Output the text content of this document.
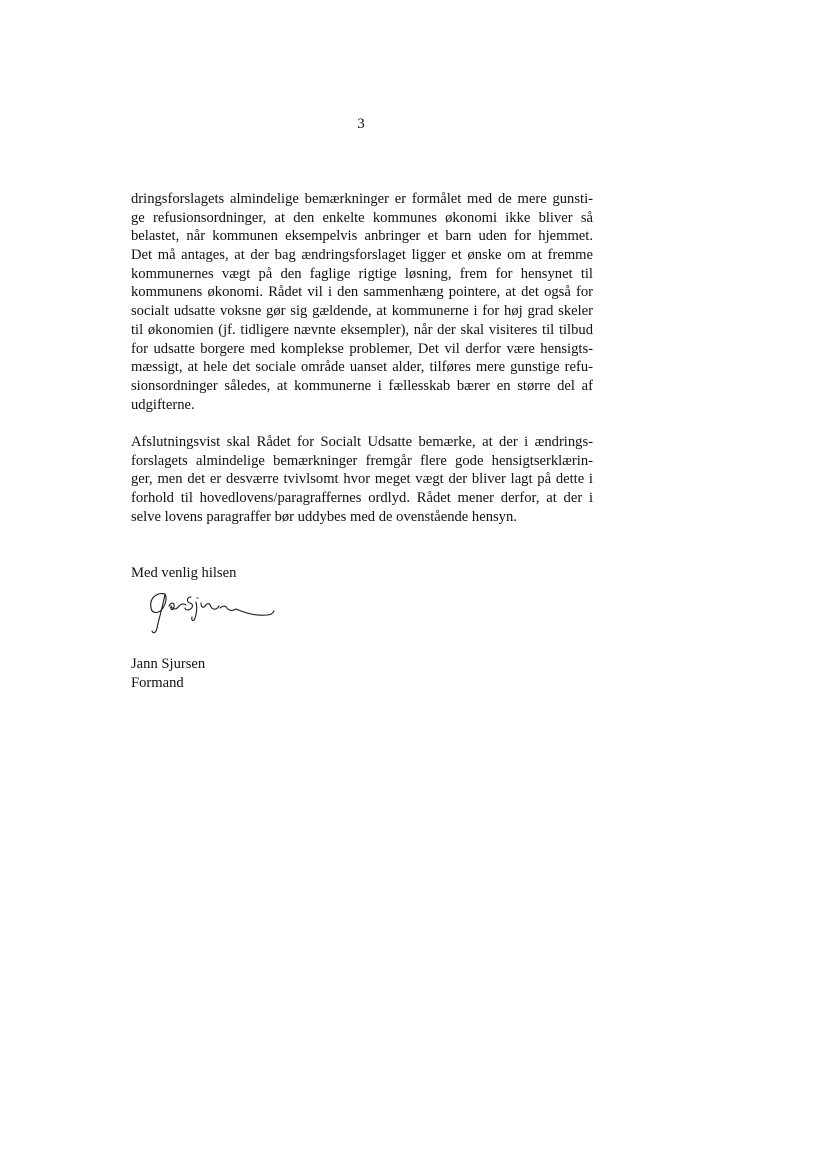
3
dringsforslagets almindelige bemærkninger er formålet med de mere gunsti-
ge refusionsordninger, at den enkelte kommunes økonomi ikke bliver så
belastet, når kommunen eksempelvis anbringer et barn uden for hjemmet.
Det må antages, at der bag ændringsforslaget ligger et ønske om at fremme
kommunernes vægt på den faglige rigtige løsning, frem for hensynet til
kommunens økonomi. Rådet vil i den sammenhæng pointere, at det også for
socialt udsatte voksne gør sig gældende, at kommunerne i for høj grad skeler
til økonomien (jf. tidligere nævnte eksempler), når der skal visiteres til tilbud
for udsatte borgere med komplekse problemer, Det vil derfor være hensigts-
mæssigt, at hele det sociale område uanset alder, tilføres mere gunstige refu-
sionsordninger således, at kommunerne i fællesskab bærer en større del af
udgifterne.
Afslutningsvist skal Rådet for Socialt Udsatte bemærke, at der i ændrings-
forslagets almindelige bemærkninger fremgår flere gode hensigtserklærin-
ger, men det er desværre tvivlsomt hvor meget vægt der bliver lagt på dette i
forhold til hovedlovens/paragraffernes ordlyd. Rådet mener derfor, at der i
selve lovens paragraffer bør uddybes med de ovenstående hensyn.
Med venlig hilsen
Jann Sjursen
Formand
